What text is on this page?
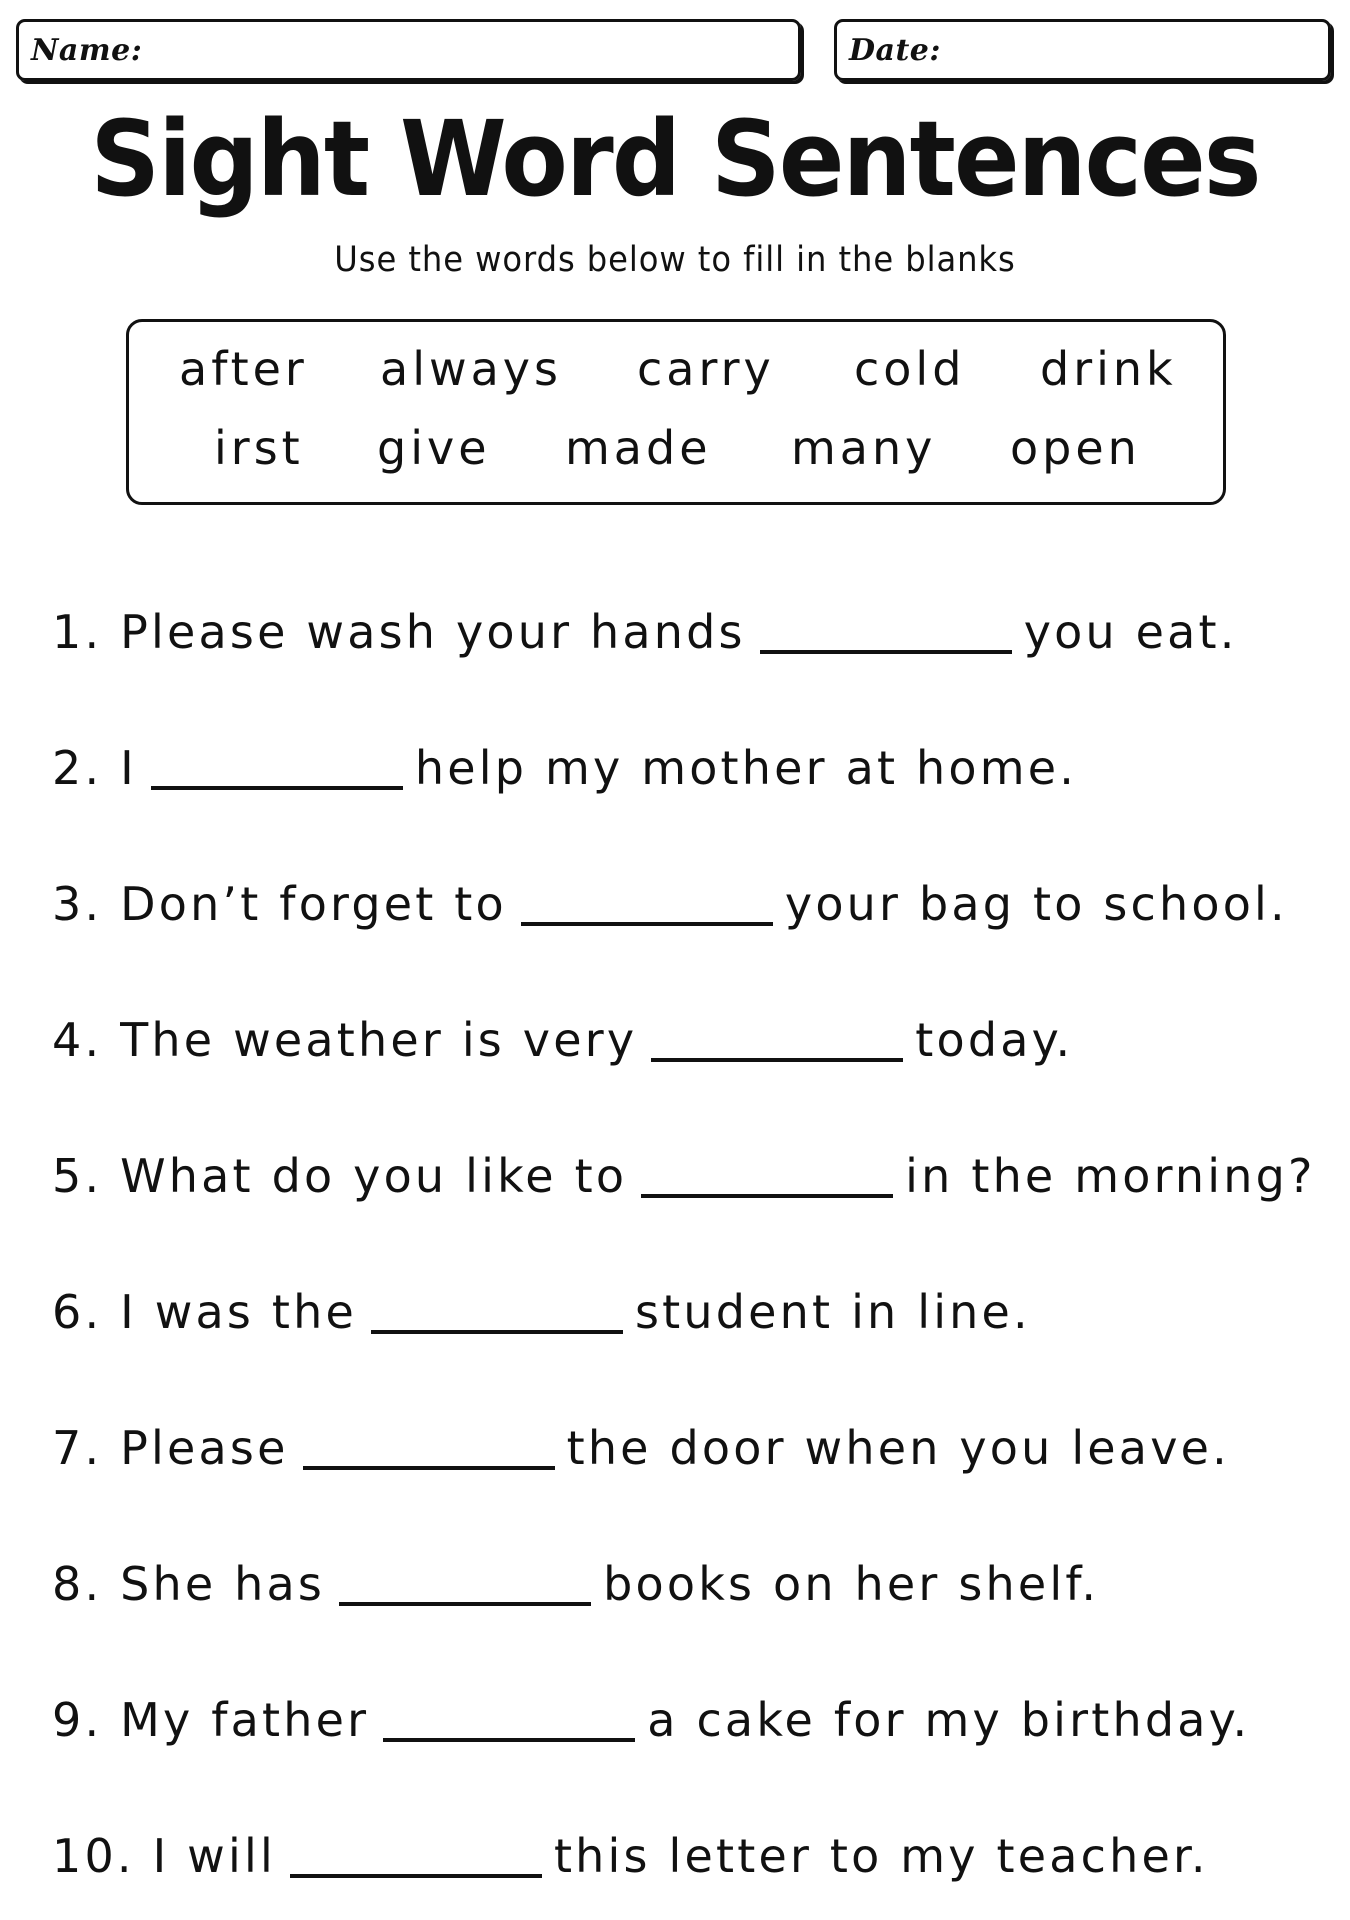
Name:	Date:
Sight Word Sentences
Use the words below to fill in the blanks
after always carry cold drink
irst give made many open
1. Please wash your hands	you eat.
2. I	help my mother at home.
3. Don’t forget to	your bag to school.
4. The weather is very	today.
5. What do you like to	in the morning?
6. I was the	student in line.
7. Please	the door when you leave.
8. She has	books on her shelf.
9. My father	a cake for my birthday.
10. I will	this letter to my teacher.
